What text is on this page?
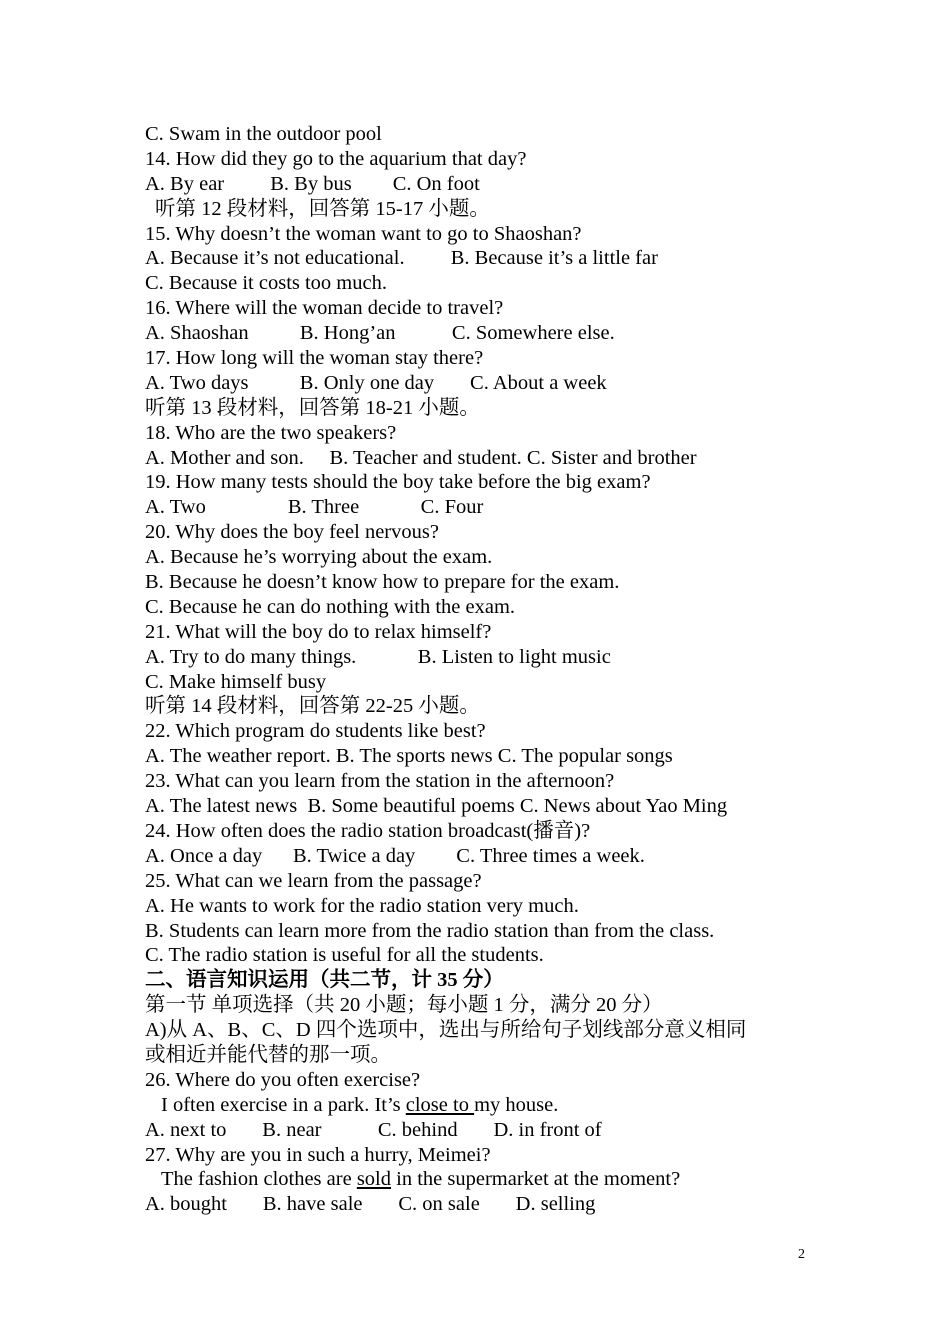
C. Swam in the outdoor pool
14. How did they go to the aquarium that day?
A. By ear         B. By bus        C. On foot
听第 12 段材料，回答第 15-17 小题。
15. Why doesn’t the woman want to go to Shaoshan?
A. Because it’s not educational.         B. Because it’s a little far
C. Because it costs too much.
16. Where will the woman decide to travel?
A. Shaoshan          B. Hong’an           C. Somewhere else.
17. How long will the woman stay there?
A. Two days          B. Only one day       C. About a week
听第 13 段材料，回答第 18-21 小题。
18. Who are the two speakers?
A. Mother and son.     B. Teacher and student. C. Sister and brother
19. How many tests should the boy take before the big exam?
A. Two                B. Three            C. Four
20. Why does the boy feel nervous?
A. Because he’s worrying about the exam.
B. Because he doesn’t know how to prepare for the exam.
C. Because he can do nothing with the exam.
21. What will the boy do to relax himself?
A. Try to do many things.            B. Listen to light music
C. Make himself busy
听第 14 段材料，回答第 22-25 小题。
22. Which program do students like best?
A. The weather report. B. The sports news C. The popular songs
23. What can you learn from the station in the afternoon?
A. The latest news  B. Some beautiful poems C. News about Yao Ming
24. How often does the radio station broadcast(播音)?
A. Once a day      B. Twice a day        C. Three times a week.
25. What can we learn from the passage?
A. He wants to work for the radio station very much.
B. Students can learn more from the radio station than from the class.
C. The radio station is useful for all the students.
二、语言知识运用（共二节，计 35 分）
第一节 单项选择（共 20 小题；每小题 1 分，满分 20 分）
A)从 A、B、C、D 四个选项中，选出与所给句子划线部分意义相同
或相近并能代替的那一项。
26. Where do you often exercise?
I often exercise in a park. It’s close to my house.
A. next to       B. near           C. behind       D. in front of
27. Why are you in such a hurry, Meimei?
The fashion clothes are sold in the supermarket at the moment?
A. bought       B. have sale       C. on sale       D. selling
2
